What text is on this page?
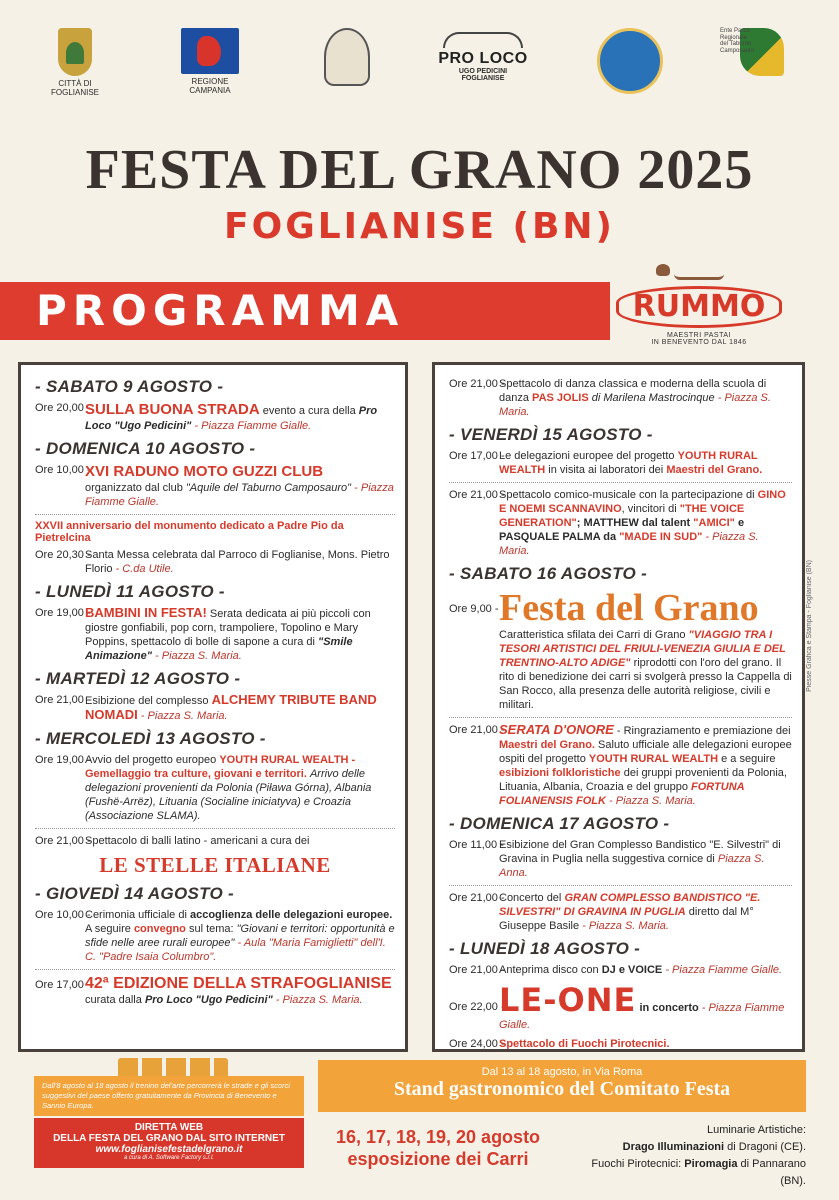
CITTÀ DI FOGLIANISE
REGIONE CAMPANIA
PRO LOCO
UGO PEDICINI
FOGLIANISE
Ente Parco Regionale del Taburno Camposauro
FESTA DEL GRANO 2025
FOGLIANISE (BN)
PROGRAMMA	RUMMO
MAESTRI PASTAI
IN BENEVENTO DAL 1846
Piesse Grafica e Stampa - Foglianise (BN)
- SABATO 9 AGOSTO -
Ore 20,00 -
SULLA BUONA STRADA evento a cura della Pro Loco "Ugo Pedicini" - Piazza Fiamme Gialle.
- DOMENICA 10 AGOSTO -
Ore 10,00 -
XVI RADUNO MOTO GUZZI CLUB
organizzato dal club "Aquile del Taburno Camposauro" - Piazza Fiamme Gialle.
XXVII anniversario del monumento dedicato a Padre Pio da Pietrelcina
Ore 20,30 -
Santa Messa celebrata dal Parroco di Foglianise, Mons. Pietro Florio - C.da Utile.
- LUNEDÌ 11 AGOSTO -
Ore 19,00 -
BAMBINI IN FESTA! Serata dedicata ai più piccoli con giostre gonfiabili, pop corn, trampoliere, Topolino e Mary Poppins, spettacolo di bolle di sapone a cura di "Smile Animazione" - Piazza S. Maria.
- MARTEDÌ 12 AGOSTO -
Ore 21,00 -
Esibizione del complesso ALCHEMY TRIBUTE BAND NOMADI - Piazza S. Maria.
- MERCOLEDÌ 13 AGOSTO -
Ore 19,00 -
Avvio del progetto europeo YOUTH RURAL WEALTH - Gemellaggio tra culture, giovani e territori. Arrivo delle delegazioni provenienti da Polonia (Piława Górna), Albania (Fushë-Arrëz), Lituania (Socialine iniciatyva) e Croazia (Associazione SLAMA).
Ore 21,00 -
Spettacolo di balli latino - americani a cura dei
LE STELLE ITALIANE
- GIOVEDÌ 14 AGOSTO -
Ore 10,00 -
Cerimonia ufficiale di accoglienza delle delegazioni europee. A seguire convegno sul tema: "Giovani e territori: opportunità e sfide nelle aree rurali europee" - Aula "Maria Famiglietti" dell'I. C. "Padre Isaia Columbro".
Ore 17,00 -
42ª EDIZIONE DELLA STRAFOGLIANISE
curata dalla Pro Loco "Ugo Pedicini" - Piazza S. Maria.
Ore 21,00 -
Spettacolo di danza classica e moderna della scuola di danza PAS JOLIS di Marilena Mastrocinque - Piazza S. Maria.
- VENERDÌ 15 AGOSTO -
Ore 17,00 -
Le delegazioni europee del progetto YOUTH RURAL WEALTH in visita ai laboratori dei Maestri del Grano.
Ore 21,00 -
Spettacolo comico-musicale con la partecipazione di GINO E NOEMI SCANNAVINO, vincitori di "THE VOICE GENERATION"; MATTHEW dal talent "AMICI" e PASQUALE PALMA da "MADE IN SUD" - Piazza S. Maria.
- SABATO 16 AGOSTO -
Ore 9,00 - Festa del Grano
Caratteristica sfilata dei Carri di Grano "VIAGGIO TRA I TESORI ARTISTICI DEL FRIULI-VENEZIA GIULIA E DEL TRENTINO-ALTO ADIGE" riprodotti con l'oro del grano. Il rito di benedizione dei carri si svolgerà presso la Cappella di San Rocco, alla presenza delle autorità religiose, civili e militari.
Ore 21,00 -
SERATA D'ONORE - Ringraziamento e premiazione dei Maestri del Grano. Saluto ufficiale alle delegazioni europee ospiti del progetto YOUTH RURAL WEALTH e a seguire esibizioni folkloristiche dei gruppi provenienti da Polonia, Lituania, Albania, Croazia e del gruppo FORTUNA FOLIANENSIS FOLK - Piazza S. Maria.
- DOMENICA 17 AGOSTO -
Ore 11,00 -
Esibizione del Gran Complesso Bandistico "E. Silvestri" di Gravina in Puglia nella suggestiva cornice di Piazza S. Anna.
Ore 21,00 -
Concerto del GRAN COMPLESSO BANDISTICO "E. SILVESTRI" DI GRAVINA IN PUGLIA diretto dal M° Giuseppe Basile - Piazza S. Maria.
- LUNEDÌ 18 AGOSTO -
Ore 21,00 -
Anteprima disco con DJ e VOICE - Piazza Fiamme Gialle.
Ore 22,00 -
LE-ONE in concerto - Piazza Fiamme Gialle.
Ore 24,00 -
Spettacolo di Fuochi Pirotecnici.
Dall'8 agosto al 18 agosto il trenino del'arte percorrerà le strade e gli scorci suggestivi del paese offerto gratuitamente da Provincia di Benevento e Sannio Europa.
Dal 13 al 18 agosto, in Via Roma
Stand gastronomico del Comitato Festa
DIRETTA WEB
DELLA FESTA DEL GRANO DAL SITO INTERNET
www.foglianisefestadelgrano.it
a cura di A. Software Factory s.r.l.
16, 17, 18, 19, 20 agosto
esposizione dei Carri
Luminarie Artistiche:
Drago Illuminazioni di Dragoni (CE).
Fuochi Pirotecnici: Piromagia di Pannarano (BN).
